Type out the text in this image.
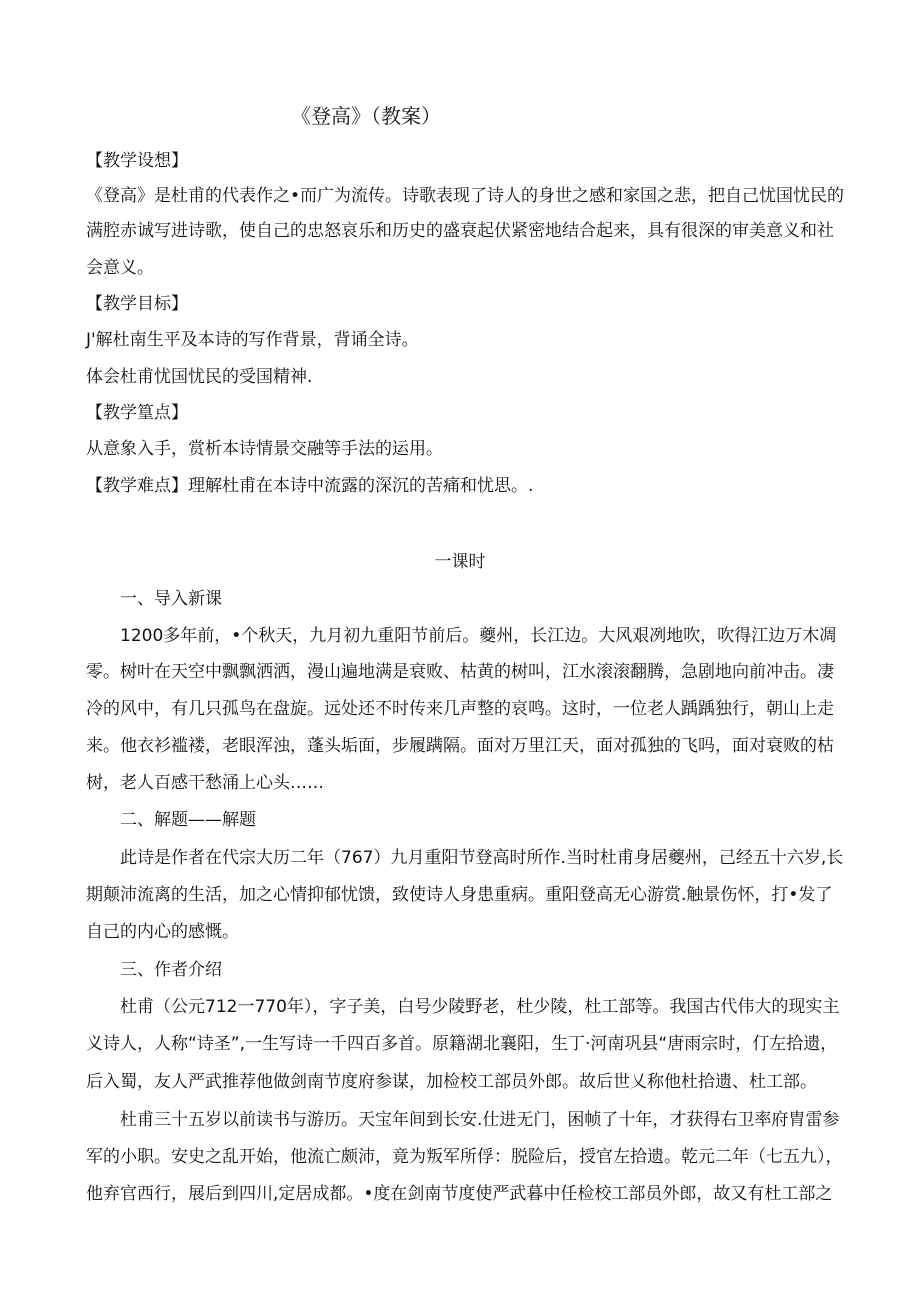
《登高》（教案）
【教学设想】
《登高》是杜甫的代表作之•而广为流传。诗歌表现了诗人的身世之感和家国之悲，把自己忧国忧民的
满腔赤诚写进诗歌，使自己的忠怒哀乐和历史的盛衰起伏紧密地结合起来，具有很深的审美意义和社
会意义。
【教学目标】
J'解杜南生平及本诗的写作背景，背诵全诗。
体会杜甫忧国忧民的受国精神.
【教学篁点】
从意象入手，赏析本诗情景交融等手法的运用。
【教学难点】理解杜甫在本诗中流露的深沉的苦痛和忧思。.
一课时
一、导入新课
1200多年前，•个秋天，九月初九重阳节前后。夔州，长江边。大风艰冽地吹，吹得江边万木凋
零。树叶在天空中飘飘洒洒，漫山遍地满是衰败、枯黄的树叫，江水滚滚翻腾，急剧地向前冲击。凄
冷的风中，有几只孤鸟在盘旋。远处还不时传来几声整的哀鸣。这时，一位老人踽踽独行，朝山上走
来。他衣衫褴褛，老眼浑浊，蓬头垢面，步履蹒隔。面对万里江天，面对孤独的飞吗，面对衰败的枯
树，老人百感干愁涌上心头……
二、解题——解题
此诗是作者在代宗大历二年（767）九月重阳节登高时所作.当时杜甫身居夔州，己经五十六岁,长
期颠沛流离的生活，加之心情抑郁忧馈，致使诗人身患重病。重阳登高无心游赏.触景伤怀，打•发了
自己的内心的感慨。
三、作者介绍
杜甫（公元712一770年），字子美，白号少陵野老，杜少陵，杜工部等。我国古代伟大的现实主
义诗人，人称“诗圣”,一生写诗一千四百多首。原籍湖北襄阳，生丁·河南巩县“唐雨宗时，仃左拾遗，
后入蜀，友人严武推荐他做剑南节度府参谋，加检校工部员外郎。故后世乂称他杜拾遗、杜工部。
杜甫三十五岁以前读书与游历。天宝年间到长安.仕进无门，困帧了十年，才获得右卫率府胄雷参
军的小职。安史之乱开始，他流亡颇沛，竟为叛军所俘：脱险后，授官左拾遗。乾元二年（七五九），
他弃官西行，展后到四川,定居成都。•度在剑南节度使严武暮中任检校工部员外郎，故又有杜工部之
